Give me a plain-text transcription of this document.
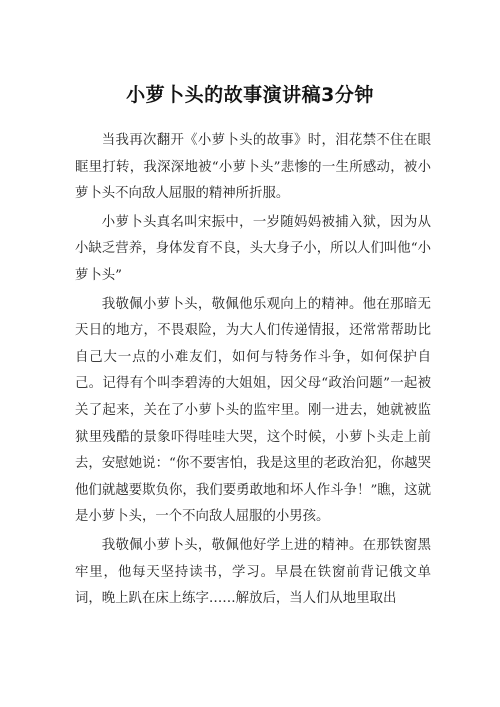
小萝卜头的故事演讲稿3分钟

当我再次翻开《小萝卜头的故事》时，泪花禁不住在眼眶里打转，我深深地被“小萝卜头”悲惨的一生所感动，被小萝卜头不向敌人屈服的精神所折服。

小萝卜头真名叫宋振中，一岁随妈妈被捕入狱，因为从小缺乏营养，身体发育不良，头大身子小，所以人们叫他“小萝卜头”

我敬佩小萝卜头，敬佩他乐观向上的精神。他在那暗无天日的地方，不畏艰险，为大人们传递情报，还常常帮助比自己大一点的小难友们，如何与特务作斗争，如何保护自己。记得有个叫李碧涛的大姐姐，因父母“政治问题”一起被关了起来，关在了小萝卜头的监牢里。刚一进去，她就被监狱里残酷的景象吓得哇哇大哭，这个时候，小萝卜头走上前去，安慰她说：“你不要害怕，我是这里的老政治犯，你越哭他们就越要欺负你，我们要勇敢地和坏人作斗争！”瞧，这就是小萝卜头，一个不向敌人屈服的小男孩。

我敬佩小萝卜头，敬佩他好学上进的精神。在那铁窗黑牢里，他每天坚持读书，学习。早晨在铁窗前背记俄文单词，晚上趴在床上练字……解放后，当人们从地里取出
